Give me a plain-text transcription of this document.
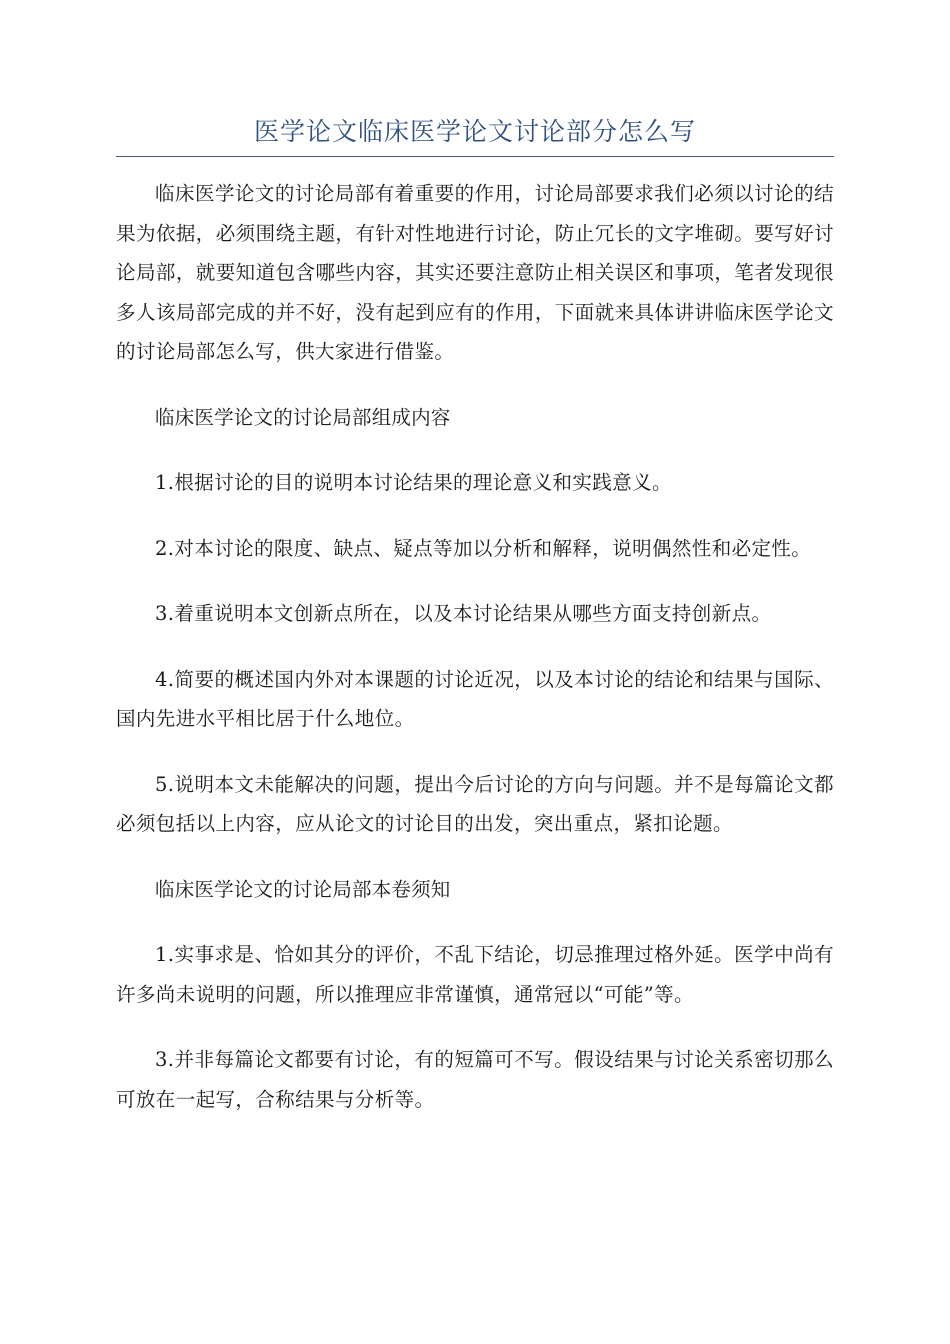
医学论文临床医学论文讨论部分怎么写

临床医学论文的讨论局部有着重要的作用，讨论局部要求我们必须以讨论的结果为依据，必须围绕主题，有针对性地进行讨论，防止冗长的文字堆砌。要写好讨论局部，就要知道包含哪些内容，其实还要注意防止相关误区和事项，笔者发现很多人该局部完成的并不好，没有起到应有的作用，下面就来具体讲讲临床医学论文的讨论局部怎么写，供大家进行借鉴。

临床医学论文的讨论局部组成内容

1.根据讨论的目的说明本讨论结果的理论意义和实践意义。

2.对本讨论的限度、缺点、疑点等加以分析和解释，说明偶然性和必定性。

3.着重说明本文创新点所在，以及本讨论结果从哪些方面支持创新点。

4.简要的概述国内外对本课题的讨论近况，以及本讨论的结论和结果与国际、国内先进水平相比居于什么地位。

5.说明本文未能解决的问题，提出今后讨论的方向与问题。并不是每篇论文都必须包括以上内容，应从论文的讨论目的出发，突出重点，紧扣论题。

临床医学论文的讨论局部本卷须知

1.实事求是、恰如其分的评价，不乱下结论，切忌推理过格外延。医学中尚有许多尚未说明的问题，所以推理应非常谨慎，通常冠以“可能”等。

3.并非每篇论文都要有讨论，有的短篇可不写。假设结果与讨论关系密切那么可放在一起写，合称结果与分析等。
